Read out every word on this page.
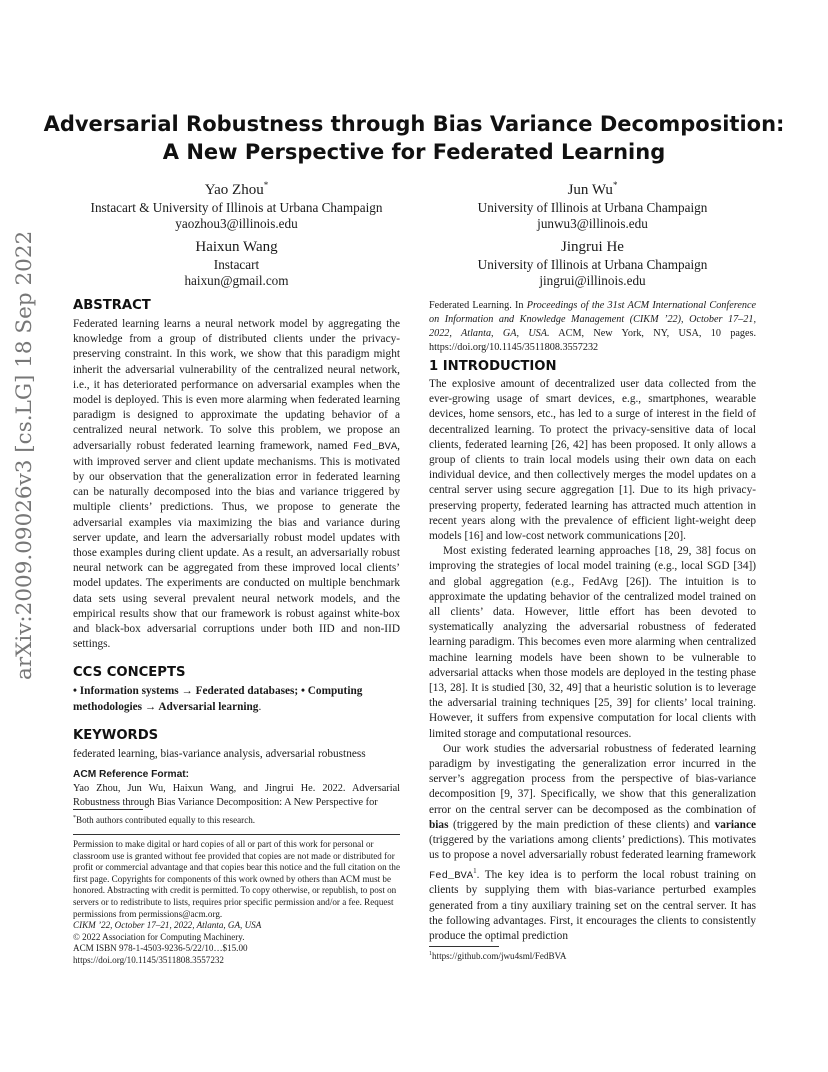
arXiv:2009.09026v3 [cs.LG] 18 Sep 2022
Adversarial Robustness through Bias Variance Decomposition:
A New Perspective for Federated Learning
Yao Zhou*
Instacart & University of Illinois at Urbana Champaign
yaozhou3@illinois.edu
Jun Wu*
University of Illinois at Urbana Champaign
junwu3@illinois.edu
Haixun Wang
Instacart
haixun@gmail.com
Jingrui He
University of Illinois at Urbana Champaign
jingrui@illinois.edu
ABSTRACT

Federated learning learns a neural network model by aggregating the knowledge from a group of distributed clients under the privacy-preserving constraint. In this work, we show that this paradigm might inherit the adversarial vulnerability of the centralized neural network, i.e., it has deteriorated performance on adversarial examples when the model is deployed. This is even more alarming when federated learning paradigm is designed to approximate the updating behavior of a centralized neural network. To solve this problem, we propose an adversarially robust federated learning framework, named Fed_BVA, with improved server and client update mechanisms. This is motivated by our observation that the generalization error in federated learning can be naturally decomposed into the bias and variance triggered by multiple clients’ predictions. Thus, we propose to generate the adversarial examples via maximizing the bias and variance during server update, and learn the adversarially robust model updates with those examples during client update. As a result, an adversarially robust neural network can be aggregated from these improved local clients’ model updates. The experiments are conducted on multiple benchmark data sets using several prevalent neural network models, and the empirical results show that our framework is robust against white-box and black-box adversarial corruptions under both IID and non-IID settings.

CCS CONCEPTS

• Information systems → Federated databases; • Computing methodologies → Adversarial learning.

KEYWORDS

federated learning, bias-variance analysis, adversarial robustness

ACM Reference Format:

Yao Zhou, Jun Wu, Haixun Wang, and Jingrui He. 2022. Adversarial Robustness through Bias Variance Decomposition: A New Perspective for

*Both authors contributed equally to this research.

Permission to make digital or hard copies of all or part of this work for personal or classroom use is granted without fee provided that copies are not made or distributed for profit or commercial advantage and that copies bear this notice and the full citation on the first page. Copyrights for components of this work owned by others than ACM must be honored. Abstracting with credit is permitted. To copy otherwise, or republish, to post on servers or to redistribute to lists, requires prior specific permission and/or a fee. Request permissions from permissions@acm.org.

CIKM ’22, October 17–21, 2022, Atlanta, GA, USA

© 2022 Association for Computing Machinery.

ACM ISBN 978-1-4503-9236-5/22/10…$15.00

https://doi.org/10.1145/3511808.3557232

Federated Learning. In Proceedings of the 31st ACM International Conference on Information and Knowledge Management (CIKM ’22), October 17–21, 2022, Atlanta, GA, USA. ACM, New York, NY, USA, 10 pages. https://doi.org/10.1145/3511808.3557232

1 INTRODUCTION

The explosive amount of decentralized user data collected from the ever-growing usage of smart devices, e.g., smartphones, wearable devices, home sensors, etc., has led to a surge of interest in the field of decentralized learning. To protect the privacy-sensitive data of local clients, federated learning [26, 42] has been proposed. It only allows a group of clients to train local models using their own data on each individual device, and then collectively merges the model updates on a central server using secure aggregation [1]. Due to its high privacy-preserving property, federated learning has attracted much attention in recent years along with the prevalence of efficient light-weight deep models [16] and low-cost network communications [20].

Most existing federated learning approaches [18, 29, 38] focus on improving the strategies of local model training (e.g., local SGD [34]) and global aggregation (e.g., FedAvg [26]). The intuition is to approximate the updating behavior of the centralized model trained on all clients’ data. However, little effort has been devoted to systematically analyzing the adversarial robustness of federated learning paradigm. This becomes even more alarming when centralized machine learning models have been shown to be vulnerable to adversarial attacks when those models are deployed in the testing phase [13, 28]. It is studied [30, 32, 49] that a heuristic solution is to leverage the adversarial training techniques [25, 39] for clients’ local training. However, it suffers from expensive computation for local clients with limited storage and computational resources.

Our work studies the adversarial robustness of federated learning paradigm by investigating the generalization error incurred in the server’s aggregation process from the perspective of bias-variance decomposition [9, 37]. Specifically, we show that this generalization error on the central server can be decomposed as the combination of bias (triggered by the main prediction of these clients) and variance (triggered by the variations among clients’ predictions). This motivates us to propose a novel adversarially robust federated learning framework Fed_BVA$^1$. The key idea is to perform the local robust training on clients by supplying them with bias-variance perturbed examples generated from a tiny auxiliary training set on the central server. It has the following advantages. First, it encourages the clients to consistently produce the optimal prediction

$^1$https://github.com/jwu4sml/FedBVA
